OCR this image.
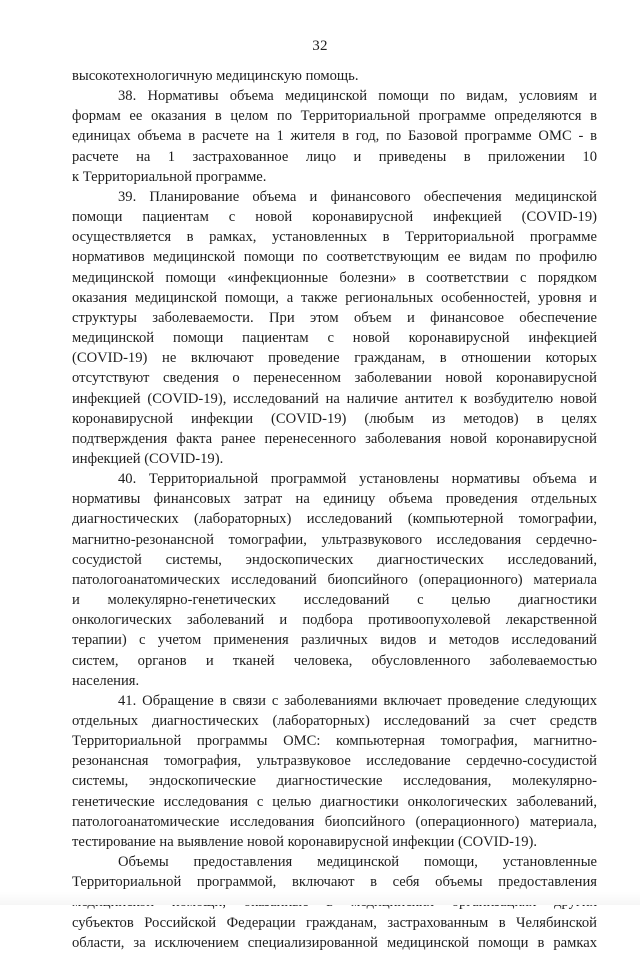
32
высокотехнологичную медицинскую помощь.
38. Нормативы объема медицинской помощи по видам, условиям и
формам ее оказания в целом по Территориальной программе определяются в
единицах объема в расчете на 1 жителя в год, по Базовой программе ОМС - в
расчете на 1 застрахованное лицо и приведены в приложении 10
к Территориальной программе.
39. Планирование объема и финансового обеспечения медицинской
помощи пациентам с новой коронавирусной инфекцией (COVID-19)
осуществляется в рамках, установленных в Территориальной программе
нормативов медицинской помощи по соответствующим ее видам по профилю
медицинской помощи «инфекционные болезни» в соответствии с порядком
оказания медицинской помощи, а также региональных особенностей, уровня и
структуры заболеваемости. При этом объем и финансовое обеспечение
медицинской помощи пациентам с новой коронавирусной инфекцией
(COVID-19) не включают проведение гражданам, в отношении которых
отсутствуют сведения о перенесенном заболевании новой коронавирусной
инфекцией (COVID-19), исследований на наличие антител к возбудителю новой
коронавирусной инфекции (COVID-19) (любым из методов) в целях
подтверждения факта ранее перенесенного заболевания новой коронавирусной
инфекцией (COVID-19).
40. Территориальной программой установлены нормативы объема и
нормативы финансовых затрат на единицу объема проведения отдельных
диагностических (лабораторных) исследований (компьютерной томографии,
магнитно-резонансной томографии, ультразвукового исследования сердечно-
сосудистой системы, эндоскопических диагностических исследований,
патологоанатомических исследований биопсийного (операционного) материала
и молекулярно-генетических исследований с целью диагностики
онкологических заболеваний и подбора противоопухолевой лекарственной
терапии) с учетом применения различных видов и методов исследований
систем, органов и тканей человека, обусловленного заболеваемостью
населения.
41. Обращение в связи с заболеваниями включает проведение следующих
отдельных диагностических (лабораторных) исследований за счет средств
Территориальной программы ОМС: компьютерная томография, магнитно-
резонансная томография, ультразвуковое исследование сердечно-сосудистой
системы, эндоскопические диагностические исследования, молекулярно-
генетические исследования с целью диагностики онкологических заболеваний,
патологоанатомические исследования биопсийного (операционного) материала,
тестирование на выявление новой коронавирусной инфекции (COVID-19).
Объемы предоставления медицинской помощи, установленные
Территориальной программой, включают в себя объемы предоставления
субъектов Российской Федерации гражданам, застрахованным в Челябинской
области, за исключением специализированной медицинской помощи в рамках
